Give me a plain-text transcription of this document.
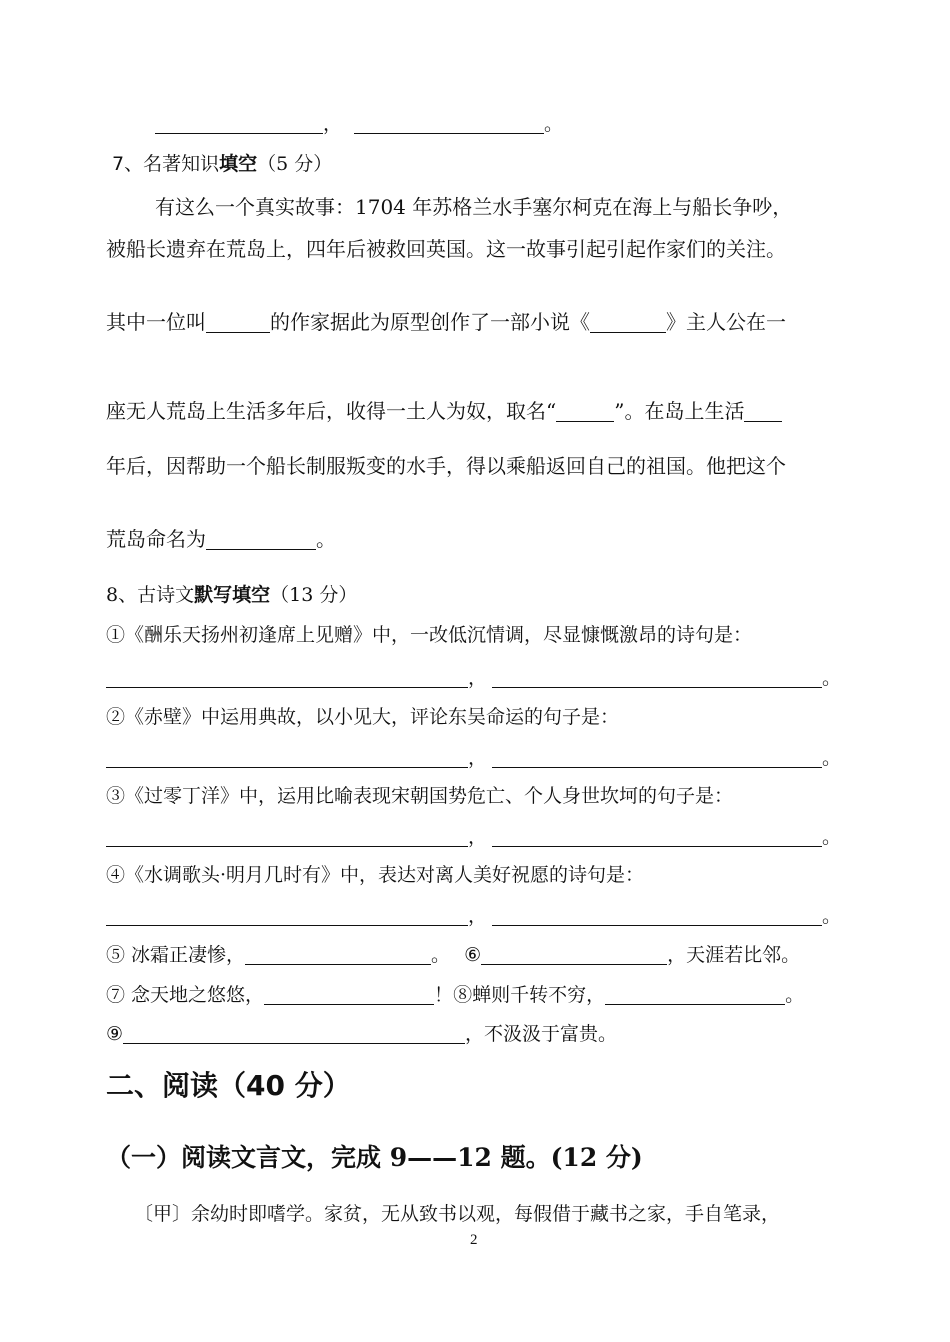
，	。
7、名著知识填空（5 分）
有这么一个真实故事：1704 年苏格兰水手塞尔柯克在海上与船长争吵，
被船长遗弃在荒岛上，四年后被救回英国。这一故事引起引起作家们的关注。
其中一位叫	的作家据此为原型创作了一部小说《	》主人公在一
座无人荒岛上生活多年后，收得一土人为奴，取名“	”。在岛上生活
年后，因帮助一个船长制服叛变的水手，得以乘船返回自己的祖国。他把这个
荒岛命名为	。
8、古诗文默写填空（13 分）
①《酬乐天扬州初逢席上见赠》中，一改低沉情调，尽显慷慨激昂的诗句是：
，	。
②《赤壁》中运用典故，以小见大，评论东吴命运的句子是：
，	。
③《过零丁洋》中，运用比喻表现宋朝国势危亡、个人身世坎坷的句子是：
，	。
④《水调歌头·明月几时有》中，表达对离人美好祝愿的诗句是：
，	。
⑤ 冰霜正凄惨，	。 ⑥	，天涯若比邻。
⑦ 念天地之悠悠，	！⑧蝉则千转不穷，	。
⑨	，不汲汲于富贵。
二、阅读（40 分）
（一）阅读文言文，完成 9——12 题。(12 分)
〔甲〕余幼时即嗜学。家贫，无从致书以观，每假借于藏书之家，手自笔录，
2
